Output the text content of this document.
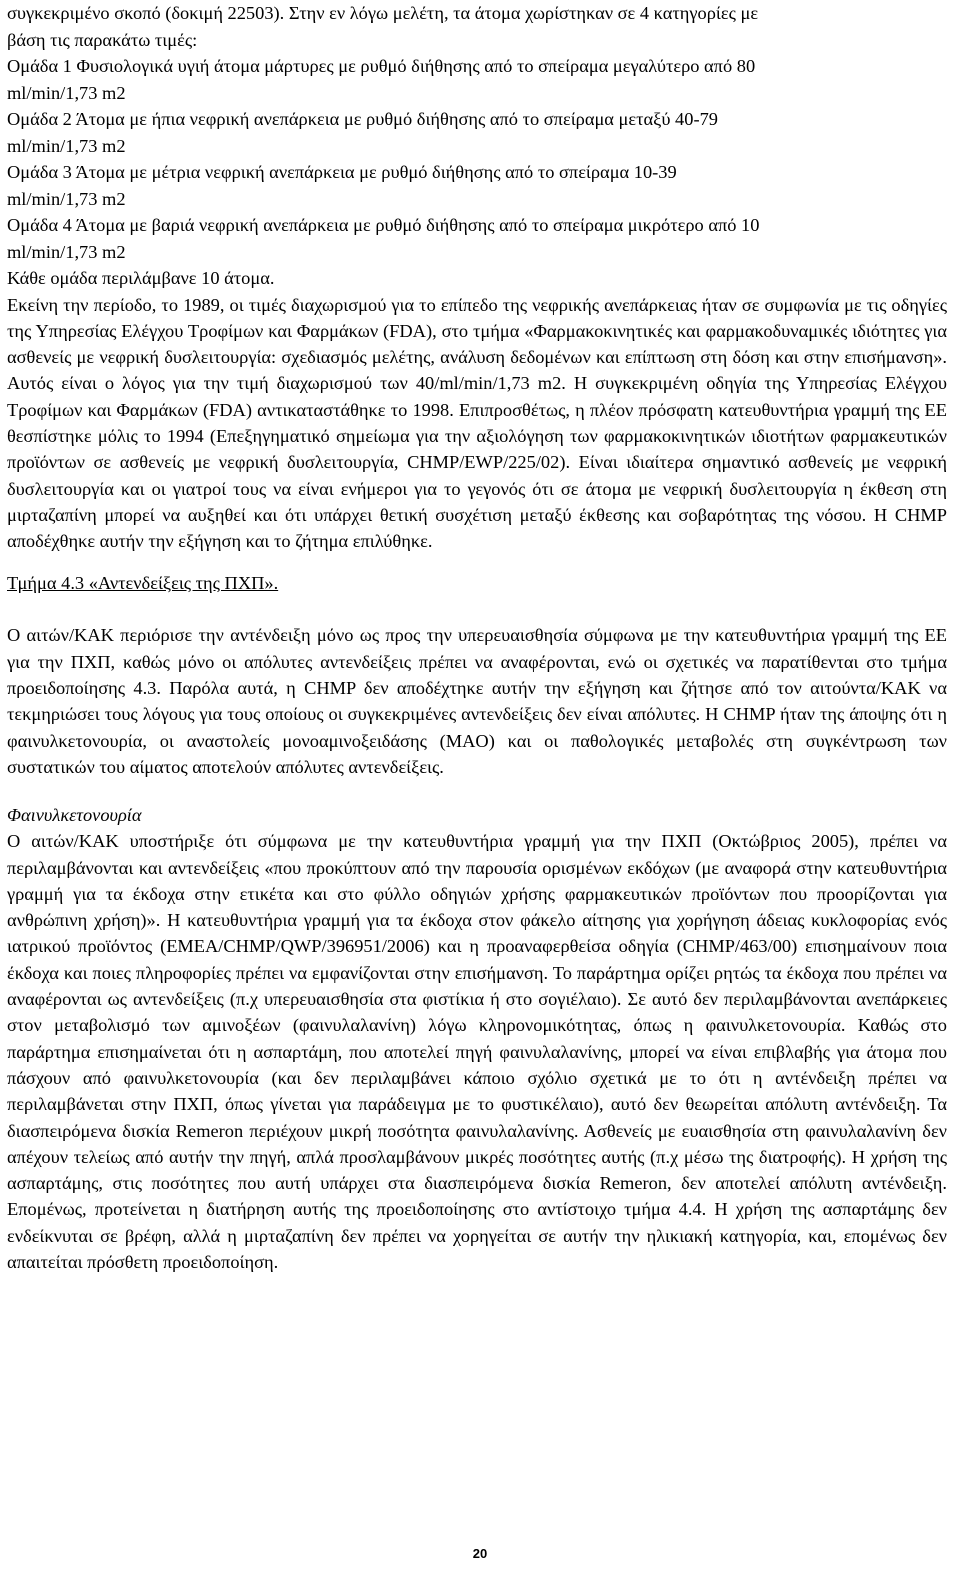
συγκεκριμένο σκοπό (δοκιμή 22503). Στην εν λόγω μελέτη, τα άτομα χωρίστηκαν σε 4 κατηγορίες με

βάση τις παρακάτω τιμές:

Ομάδα 1 Φυσιολογικά υγιή άτομα μάρτυρες με ρυθμό διήθησης από το σπείραμα μεγαλύτερο από 80

ml/min/1,73 m2

Ομάδα 2 Άτομα με ήπια νεφρική ανεπάρκεια με ρυθμό διήθησης από το σπείραμα μεταξύ 40-79

ml/min/1,73 m2

Ομάδα 3 Άτομα με μέτρια νεφρική ανεπάρκεια με ρυθμό διήθησης από το σπείραμα 10-39

ml/min/1,73 m2

Ομάδα 4 Άτομα με βαριά νεφρική ανεπάρκεια με ρυθμό διήθησης από το σπείραμα μικρότερο από 10

ml/min/1,73 m2

Κάθε ομάδα περιλάμβανε 10 άτομα.

Εκείνη την περίοδο, το 1989, οι τιμές διαχωρισμού για το επίπεδο της νεφρικής ανεπάρκειας ήταν σε συμφωνία με τις οδηγίες της Υπηρεσίας Ελέγχου Τροφίμων και Φαρμάκων (FDA), στο τμήμα «Φαρμακοκινητικές και φαρμακοδυναμικές ιδιότητες για ασθενείς με νεφρική δυσλειτουργία: σχεδιασμός μελέτης, ανάλυση δεδομένων και επίπτωση στη δόση και στην επισήμανση». Αυτός είναι ο λόγος για την τιμή διαχωρισμού των 40/ml/min/1,73 m2. Η συγκεκριμένη οδηγία της Υπηρεσίας Ελέγχου Τροφίμων και Φαρμάκων (FDA) αντικαταστάθηκε το 1998. Επιπροσθέτως, η πλέον πρόσφατη κατευθυντήρια γραμμή της ΕΕ θεσπίστηκε μόλις το 1994 (Επεξηγηματικό σημείωμα για την αξιολόγηση των φαρμακοκινητικών ιδιοτήτων φαρμακευτικών προϊόντων σε ασθενείς με νεφρική δυσλειτουργία, CHMP/EWP/225/02). Είναι ιδιαίτερα σημαντικό ασθενείς με νεφρική δυσλειτουργία και οι γιατροί τους να είναι ενήμεροι για το γεγονός ότι σε άτομα με νεφρική δυσλειτουργία η έκθεση στη μιρταζαπίνη μπορεί να αυξηθεί και ότι υπάρχει θετική συσχέτιση μεταξύ έκθεσης και σοβαρότητας της νόσου. Η CHMP αποδέχθηκε αυτήν την εξήγηση και το ζήτημα επιλύθηκε.

Τμήμα 4.3 «Αντενδείξεις της ΠΧΠ».

Ο αιτών/ΚΑΚ περιόρισε την αντένδειξη μόνο ως προς την υπερευαισθησία σύμφωνα με την κατευθυντήρια γραμμή της ΕΕ για την ΠΧΠ, καθώς μόνο οι απόλυτες αντενδείξεις πρέπει να αναφέρονται, ενώ οι σχετικές να παρατίθενται στο τμήμα προειδοποίησης 4.3. Παρόλα αυτά, η CHMP δεν αποδέχτηκε αυτήν την εξήγηση και ζήτησε από τον αιτούντα/ΚΑΚ να τεκμηριώσει τους λόγους για τους οποίους οι συγκεκριμένες αντενδείξεις δεν είναι απόλυτες. Η CHMP ήταν της άποψης ότι η φαινυλκετονουρία, οι αναστολείς μονοαμινοξειδάσης (MAO) και οι παθολογικές μεταβολές στη συγκέντρωση των συστατικών του αίματος αποτελούν απόλυτες αντενδείξεις.

Φαινυλκετονουρία

Ο αιτών/ΚΑΚ υποστήριξε ότι σύμφωνα με την κατευθυντήρια γραμμή για την ΠΧΠ (Οκτώβριος 2005), πρέπει να περιλαμβάνονται και αντενδείξεις «που προκύπτουν από την παρουσία ορισμένων εκδόχων (με αναφορά στην κατευθυντήρια γραμμή για τα έκδοχα στην ετικέτα και στο φύλλο οδηγιών χρήσης φαρμακευτικών προϊόντων που προορίζονται για ανθρώπινη χρήση)». Η κατευθυντήρια γραμμή για τα έκδοχα στον φάκελο αίτησης για χορήγηση άδειας κυκλοφορίας ενός ιατρικού προϊόντος (EMEA/CHMP/QWP/396951/2006) και η προαναφερθείσα οδηγία (CHMP/463/00) επισημαίνουν ποια έκδοχα και ποιες πληροφορίες πρέπει να εμφανίζονται στην επισήμανση. Το παράρτημα ορίζει ρητώς τα έκδοχα που πρέπει να αναφέρονται ως αντενδείξεις (π.χ υπερευαισθησία στα φιστίκια ή στο σογιέλαιο). Σε αυτό δεν περιλαμβάνονται ανεπάρκειες στον μεταβολισμό των αμινοξέων (φαινυλαλανίνη) λόγω κληρονομικότητας, όπως η φαινυλκετονουρία. Καθώς στο παράρτημα επισημαίνεται ότι η ασπαρτάμη, που αποτελεί πηγή φαινυλαλανίνης, μπορεί να είναι επιβλαβής για άτομα που πάσχουν από φαινυλκετονουρία (και δεν περιλαμβάνει κάποιο σχόλιο σχετικά με το ότι η αντένδειξη πρέπει να περιλαμβάνεται στην ΠΧΠ, όπως γίνεται για παράδειγμα με το φυστικέλαιο), αυτό δεν θεωρείται απόλυτη αντένδειξη. Τα διασπειρόμενα δισκία Remeron περιέχουν μικρή ποσότητα φαινυλαλανίνης. Ασθενείς με ευαισθησία στη φαινυλαλανίνη δεν απέχουν τελείως από αυτήν την πηγή, απλά προσλαμβάνουν μικρές ποσότητες αυτής (π.χ μέσω της διατροφής). Η χρήση της ασπαρτάμης, στις ποσότητες που αυτή υπάρχει στα διασπειρόμενα δισκία Remeron, δεν αποτελεί απόλυτη αντένδειξη. Επομένως, προτείνεται η διατήρηση αυτής της προειδοποίησης στο αντίστοιχο τμήμα 4.4. Η χρήση της ασπαρτάμης δεν ενδείκνυται σε βρέφη, αλλά η μιρταζαπίνη δεν πρέπει να χορηγείται σε αυτήν την ηλικιακή κατηγορία, και, επομένως δεν απαιτείται πρόσθετη προειδοποίηση.

20
